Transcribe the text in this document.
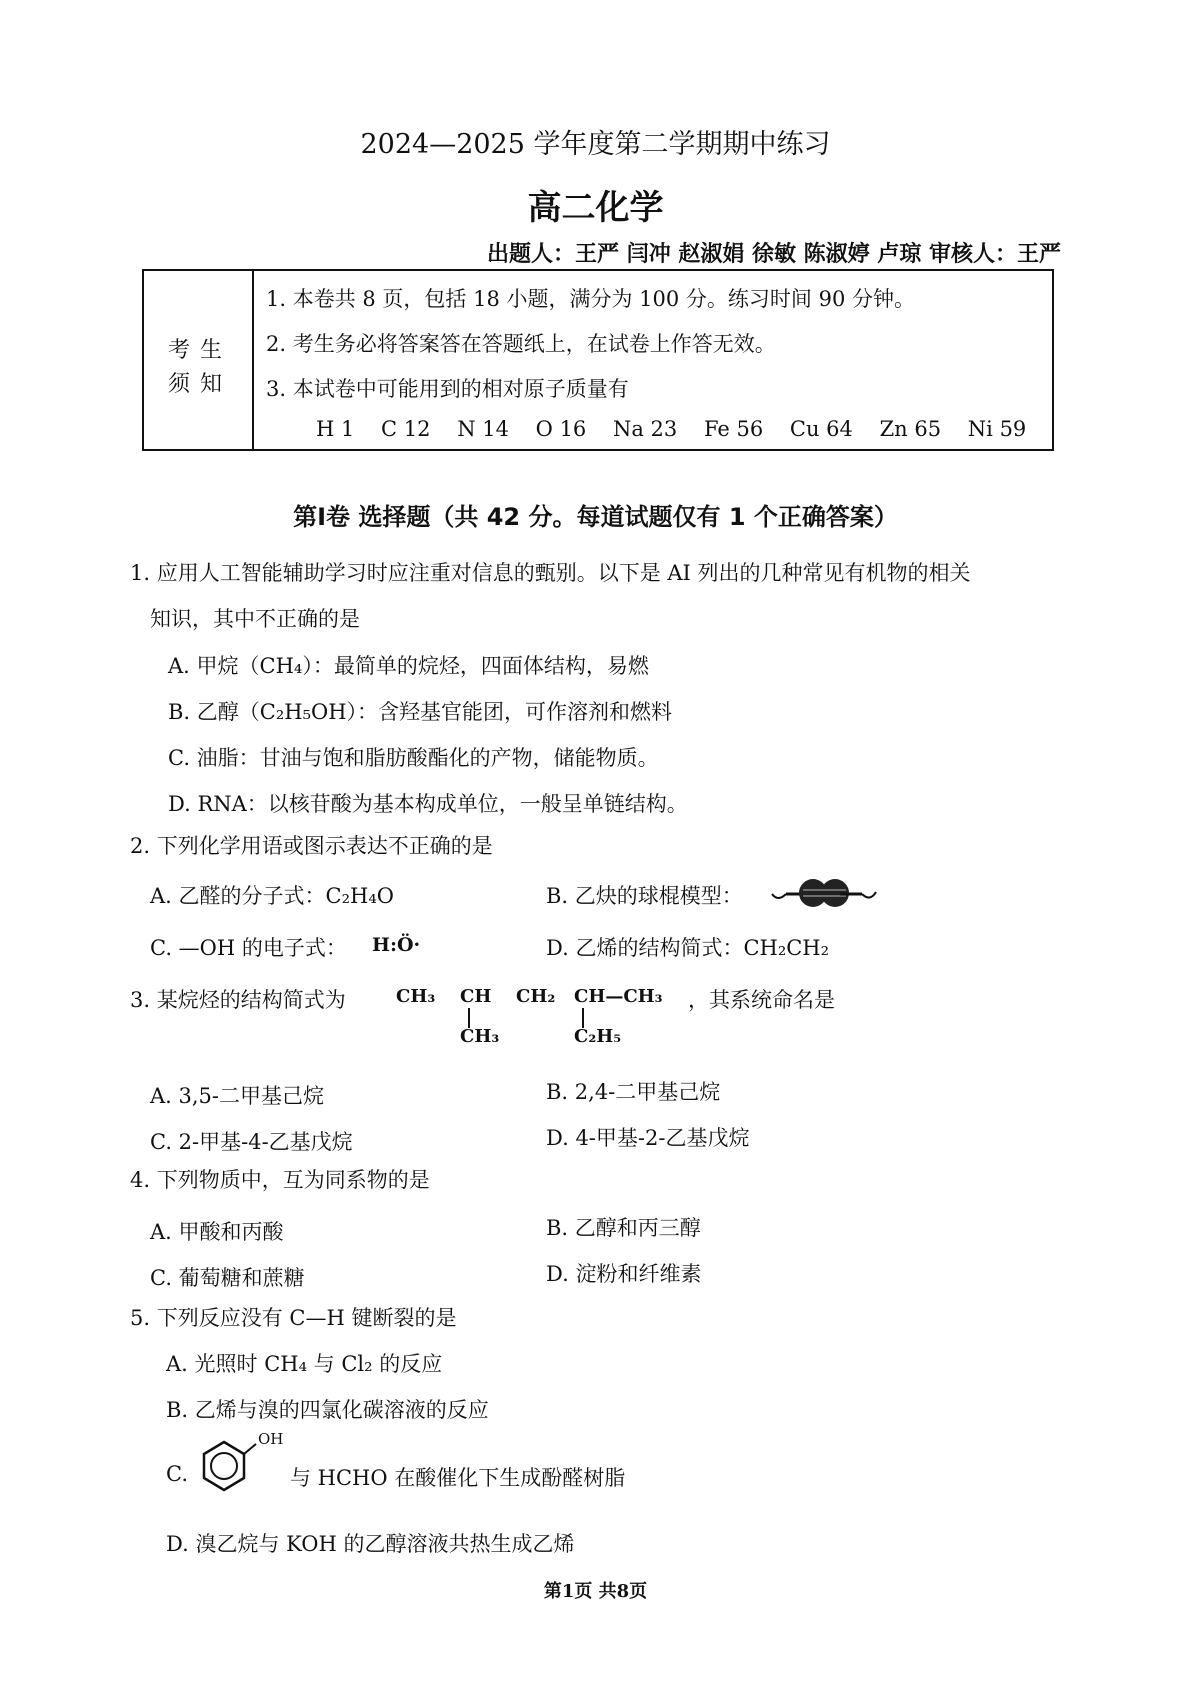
2024—2025 学年度第二学期期中练习
高二化学
出题人：王严 闫冲 赵淑娟 徐敏 陈淑婷 卢琼 审核人：王严
考生
须知
1. 本卷共 8 页，包括 18 小题，满分为 100 分。练习时间 90 分钟。
2. 考生务必将答案答在答题纸上，在试卷上作答无效。
3. 本试卷中可能用到的相对原子质量有
H 1 C 12 N 14 O 16 Na 23 Fe 56 Cu 64 Zn 65 Ni 59
第Ⅰ卷 选择题（共 42 分。每道试题仅有 1 个正确答案）
1. 应用人工智能辅助学习时应注重对信息的甄别。以下是 AI 列出的几种常见有机物的相关
知识，其中不正确的是
A. 甲烷（CH₄）：最简单的烷烃，四面体结构，易燃
B. 乙醇（C₂H₅OH）：含羟基官能团，可作溶剂和燃料
C. 油脂：甘油与饱和脂肪酸酯化的产物，储能物质。
D. RNA：以核苷酸为基本构成单位，一般呈单链结构。
2. 下列化学用语或图示表达不正确的是
A. 乙醛的分子式：C₂H₄O	B. 乙炔的球棍模型：
C. —OH 的电子式： H:Ö·	D. 乙烯的结构简式：CH₂CH₂
3. 某烷烃的结构简式为	CH₃ CH CH₂ CH—CH₃
CH₃	C₂H₅
，其系统命名是
A. 3,5-二甲基己烷	B. 2,4-二甲基己烷
C. 2-甲基-4-乙基戊烷	D. 4-甲基-2-乙基戊烷
4. 下列物质中，互为同系物的是
A. 甲酸和丙酸	B. 乙醇和丙三醇
C. 葡萄糖和蔗糖	D. 淀粉和纤维素
5. 下列反应没有 C—H 键断裂的是
A. 光照时 CH₄ 与 Cl₂ 的反应
B. 乙烯与溴的四氯化碳溶液的反应
C.
OH
与 HCHO 在酸催化下生成酚醛树脂
D. 溴乙烷与 KOH 的乙醇溶液共热生成乙烯
第1页 共8页
